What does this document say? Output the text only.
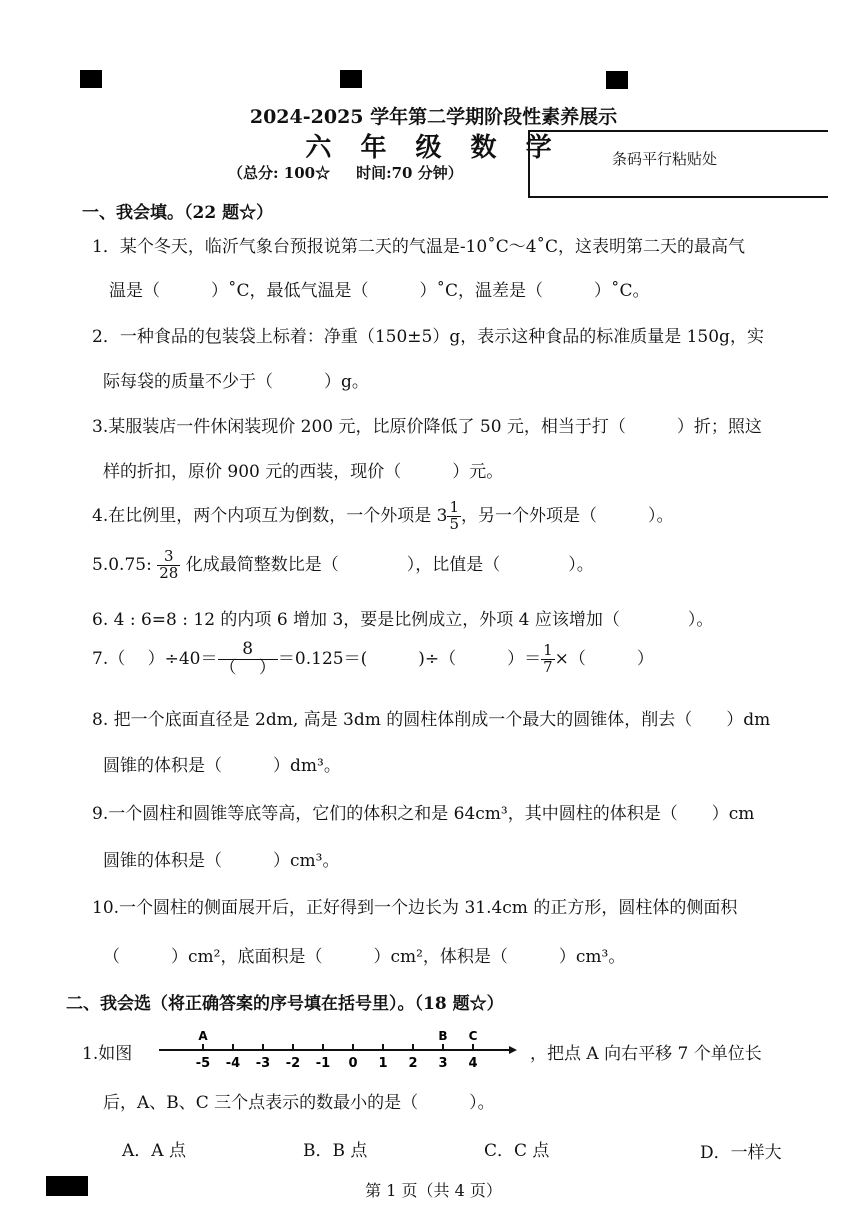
2024-2025 学年第二学期阶段性素养展示
六 年 级 数 学
（总分: 100☆ 时间:70 分钟）
条码平行粘贴处
一、我会填。（22 题☆）
1．某个冬天，临沂气象台预报说第二天的气温是-10˚C～4˚C，这表明第二天的最高气
温是（　　　）˚C，最低气温是（　　　）˚C，温差是（　　　）˚C。
2．一种食品的包装袋上标着：净重（150±5）g，表示这种食品的标准质量是 150g，实
际每袋的质量不少于（　　　）g。
3.某服装店一件休闲装现价 200 元，比原价降低了 50 元，相当于打（　　　）折；照这
样的折扣，原价 900 元的西装，现价（　　　）元。
4.在比例里，两个内项互为倒数，一个外项是 $3 \frac{1}{5}$ ，另一个外项是（　　　）。
5.0.75: $\frac{3}{28}$ 化成最简整数比是（　　　　），比值是（　　　　）。
6. 4 : 6=8 : 12 的内项 6 增加 3，要是比例成立，外项 4 应该增加（　　　　）。
7.（　 ）$\div 40= \frac{8}{( )} =0.125=$(　　　)÷（　　　）＝ $\frac{1}{7}$ ×（　　　）
8. 把一个底面直径是 2dm, 高是 3dm 的圆柱体削成一个最大的圆锥体，削去（　　）dm
圆锥的体积是（　　　）dm³。
9.一个圆柱和圆锥等底等高，它们的体积之和是 64cm³，其中圆柱的体积是（　　）cm
圆锥的体积是（　　　）cm³。
10.一个圆柱的侧面展开后，正好得到一个边长为 31.4cm 的正方形，圆柱体的侧面积
（　　　）cm²，底面积是（　　　）cm²，体积是（　　　）cm³。
二、我会选（将正确答案的序号填在括号里）。（18 题☆）
1.如图	-5 -4 -3 -2 -1 0 1 2 3 4
A	B C
，把点 A 向右平移 7 个单位长
后，A、B、C 三个点表示的数最小的是（　　　）。
A．A 点	B．B 点	C．C 点	D．一样大
第 1 页（共 4 页）
